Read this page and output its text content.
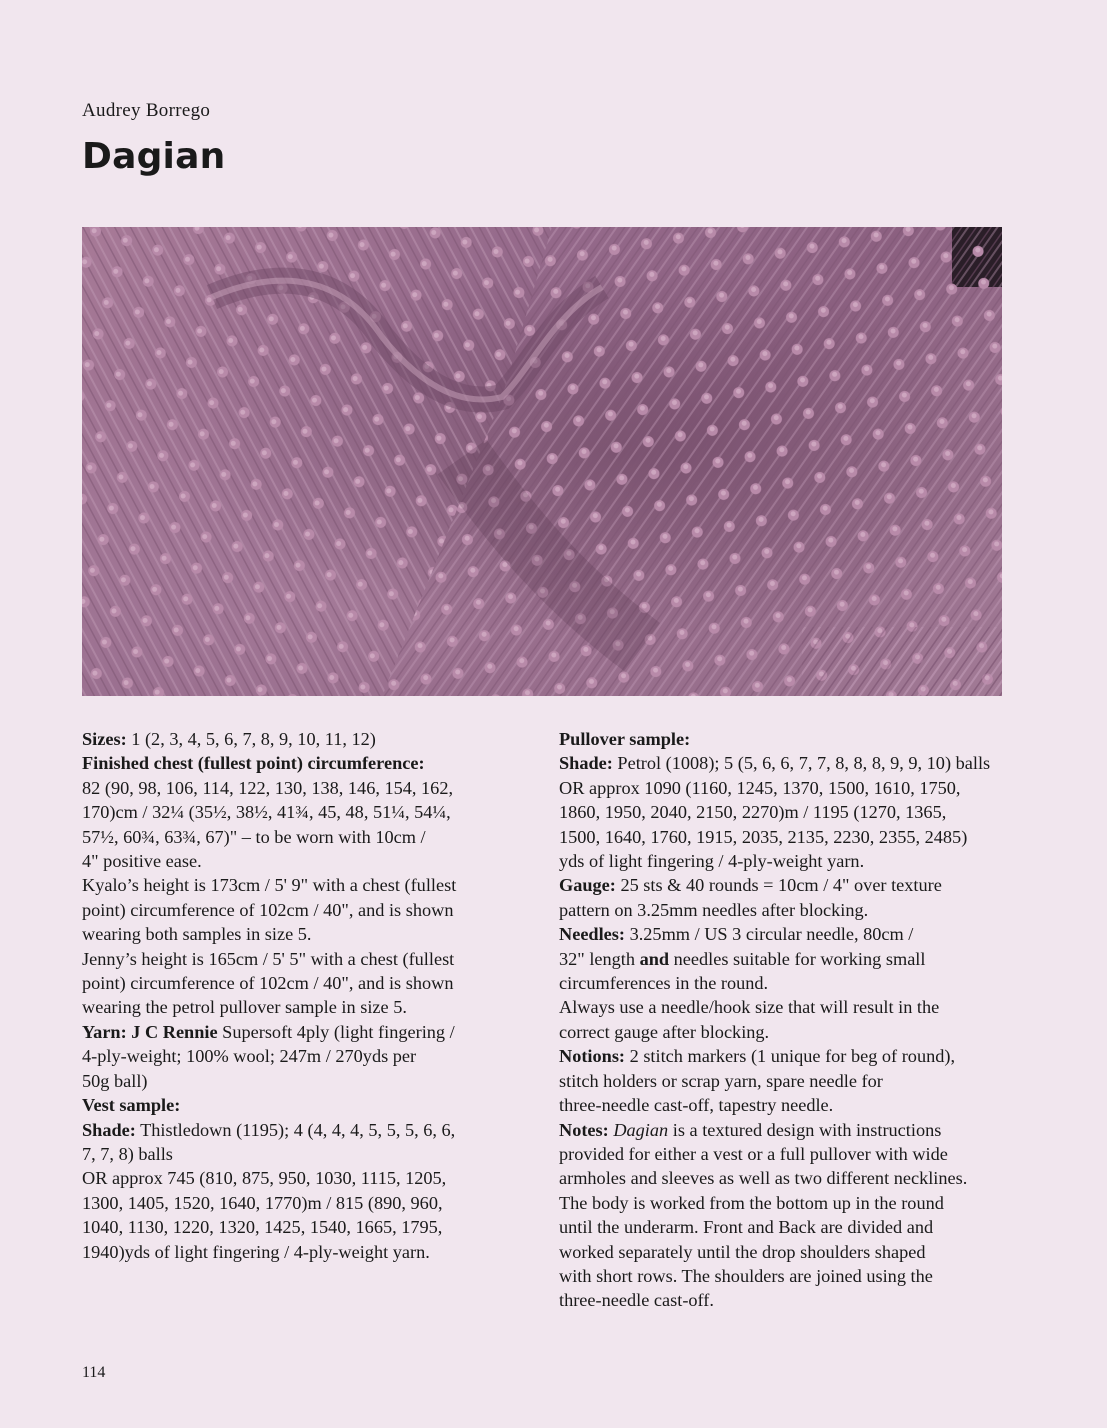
Audrey Borrego

Dagian
Sizes: 1 (2, 3, 4, 5, 6, 7, 8, 9, 10, 11, 12)
Finished chest (fullest point) circumference:
82 (90, 98, 106, 114, 122, 130, 138, 146, 154, 162,
170)cm / 32¼ (35½, 38½, 41¾, 45, 48, 51¼, 54¼,
57½, 60¾, 63¾, 67)" – to be worn with 10cm /
4" positive ease.
Kyalo’s height is 173cm / 5' 9" with a chest (fullest
point) circumference of 102cm / 40", and is shown
wearing both samples in size 5.
Jenny’s height is 165cm / 5' 5" with a chest (fullest
point) circumference of 102cm / 40", and is shown
wearing the petrol pullover sample in size 5.
Yarn: J C Rennie Supersoft 4ply (light fingering /
4-ply-weight; 100% wool; 247m / 270yds per
50g ball)
Vest sample:
Shade: Thistledown (1195); 4 (4, 4, 4, 5, 5, 5, 6, 6,
7, 7, 8) balls
OR approx 745 (810, 875, 950, 1030, 1115, 1205,
1300, 1405, 1520, 1640, 1770)m / 815 (890, 960,
1040, 1130, 1220, 1320, 1425, 1540, 1665, 1795,
1940)yds of light fingering / 4-ply-weight yarn.
Pullover sample:
Shade: Petrol (1008); 5 (5, 6, 6, 7, 7, 8, 8, 8, 9, 9, 10) balls
OR approx 1090 (1160, 1245, 1370, 1500, 1610, 1750,
1860, 1950, 2040, 2150, 2270)m / 1195 (1270, 1365,
1500, 1640, 1760, 1915, 2035, 2135, 2230, 2355, 2485)
yds of light fingering / 4-ply-weight yarn.
Gauge: 25 sts & 40 rounds = 10cm / 4" over texture
pattern on 3.25mm needles after blocking.
Needles: 3.25mm / US 3 circular needle, 80cm /
32" length and needles suitable for working small
circumferences in the round.
Always use a needle/hook size that will result in the
correct gauge after blocking.
Notions: 2 stitch markers (1 unique for beg of round),
stitch holders or scrap yarn, spare needle for
three-needle cast-off, tapestry needle.
Notes: Dagian is a textured design with instructions
provided for either a vest or a full pullover with wide
armholes and sleeves as well as two different necklines.
The body is worked from the bottom up in the round
until the underarm. Front and Back are divided and
worked separately until the drop shoulders shaped
with short rows. The shoulders are joined using the
three-needle cast-off.

114
